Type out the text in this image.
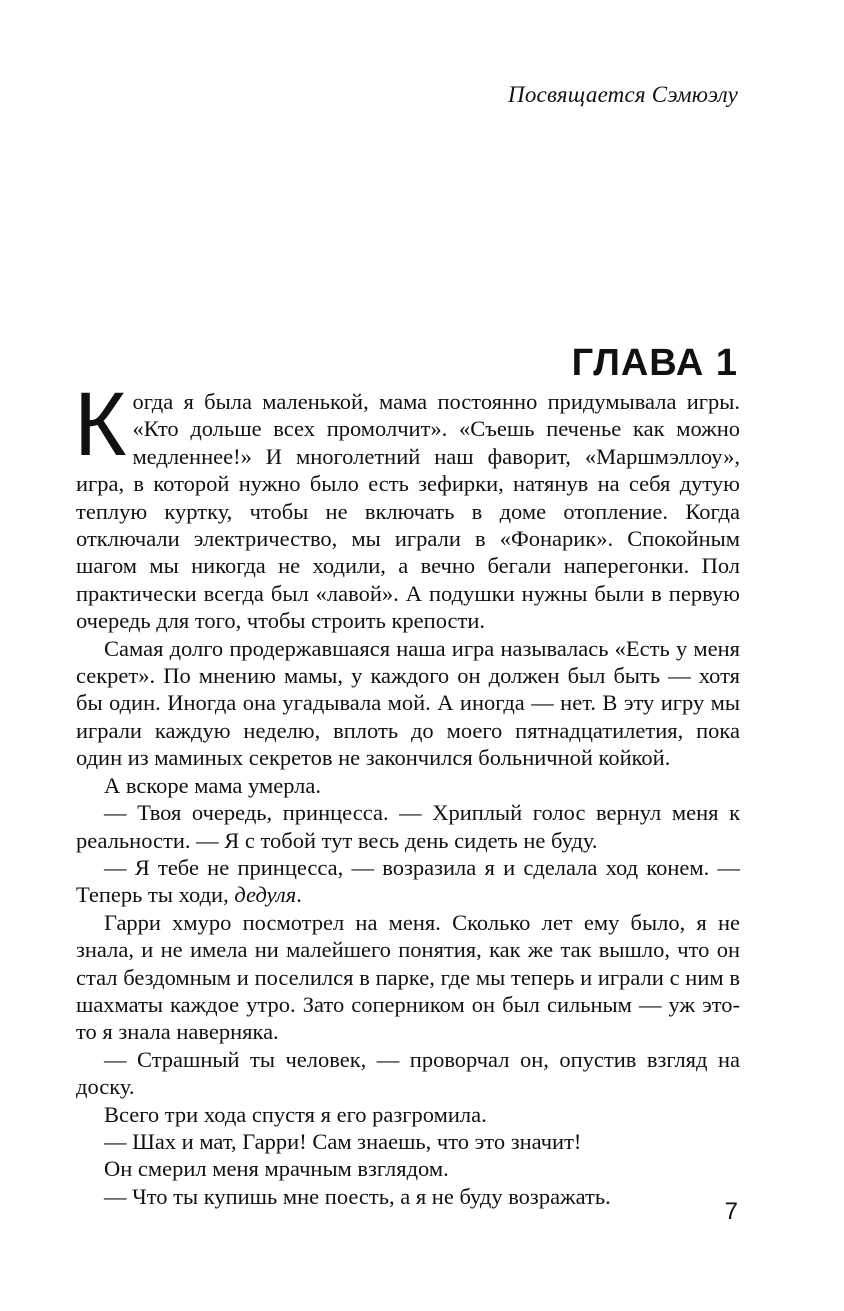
Посвящается Сэмюэлу
ГЛАВА 1

Когда я была маленькой, мама постоянно придумывала игры. «Кто дольше всех промолчит». «Съешь печенье как можно медленнее!» И многолетний наш фаворит, «Маршмэллоу», игра, в которой нужно было есть зефирки, натянув на себя дутую теплую куртку, чтобы не включать в доме отопление. Когда отключали электричество, мы играли в «Фонарик». Спокойным шагом мы никогда не ходили, а вечно бегали наперегонки. Пол практически всегда был «лавой». А подушки нужны были в первую очередь для того, чтобы строить крепости.

Самая долго продержавшаяся наша игра называлась «Есть у меня секрет». По мнению мамы, у каждого он должен был быть — хотя бы один. Иногда она угадывала мой. А иногда — нет. В эту игру мы играли каждую неделю, вплоть до моего пятнадцатилетия, пока один из маминых секретов не закончился больничной койкой.

А вскоре мама умерла.

— Твоя очередь, принцесса. — Хриплый голос вернул меня к реальности. — Я с тобой тут весь день сидеть не буду.

— Я тебе не принцесса, — возразила я и сделала ход конем. — Теперь ты ходи, дедуля.

Гарри хмуро посмотрел на меня. Сколько лет ему было, я не знала, и не имела ни малейшего понятия, как же так вышло, что он стал бездомным и поселился в парке, где мы теперь и играли с ним в шахматы каждое утро. Зато соперником он был сильным — уж это-то я знала наверняка.

— Страшный ты человек, — проворчал он, опустив взгляд на доску.

Всего три хода спустя я его разгромила.

— Шах и мат, Гарри! Сам знаешь, что это значит!

Он смерил меня мрачным взглядом.

— Что ты купишь мне поесть, а я не буду возражать.

7
